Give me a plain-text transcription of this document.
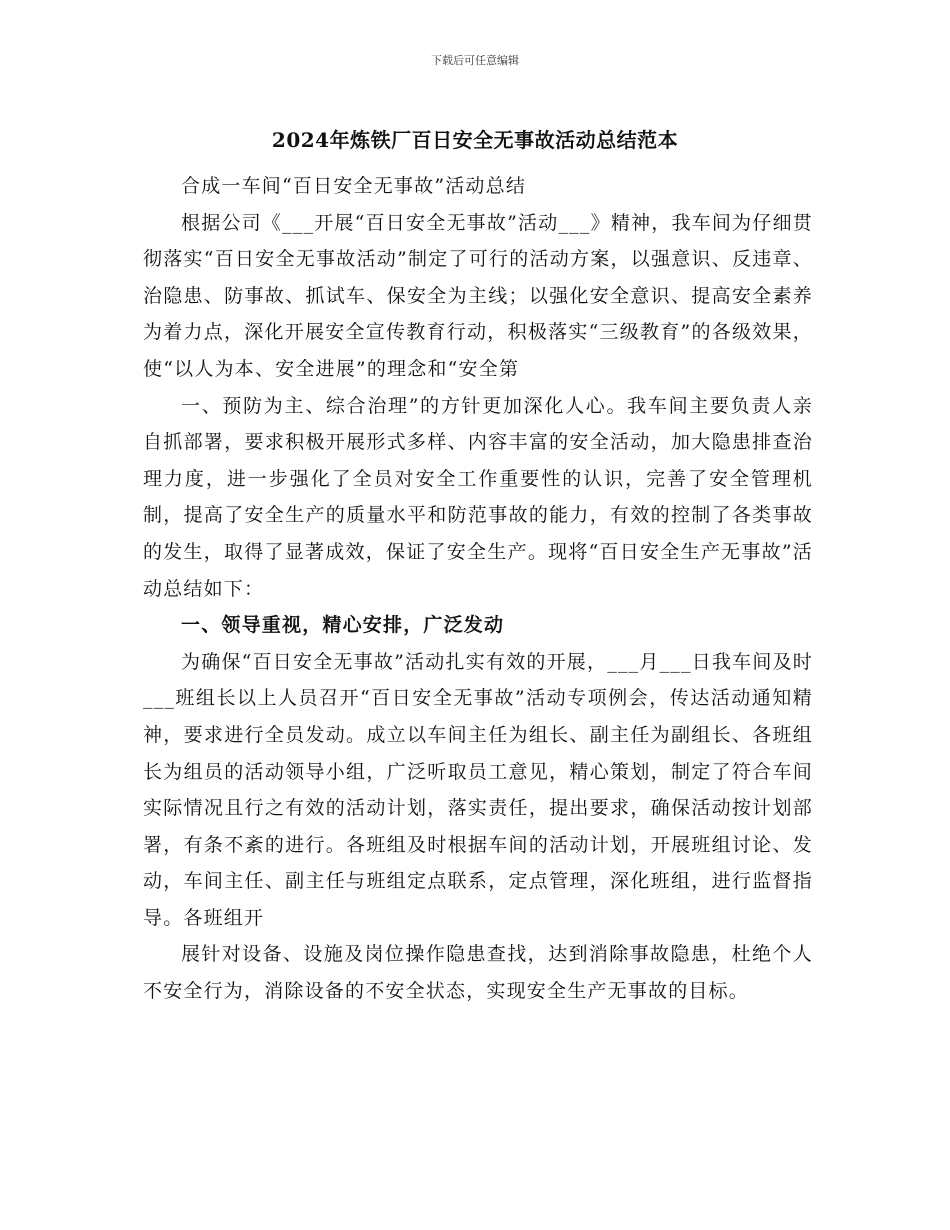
下载后可任意编辑
2024年炼铁厂百日安全无事故活动总结范本

合成一车间“百日安全无事故”活动总结

根据公司《___开展“百日安全无事故”活动___》精神，我车间为仔细贯彻落实“百日安全无事故活动”制定了可行的活动方案，以强意识、反违章、治隐患、防事故、抓试车、保安全为主线；以强化安全意识、提高安全素养为着力点，深化开展安全宣传教育行动，积极落实“三级教育”的各级效果，使“以人为本、安全进展”的理念和“安全第

一、预防为主、综合治理”的方针更加深化人心。我车间主要负责人亲自抓部署，要求积极开展形式多样、内容丰富的安全活动，加大隐患排查治理力度，进一步强化了全员对安全工作重要性的认识，完善了安全管理机制，提高了安全生产的质量水平和防范事故的能力，有效的控制了各类事故的发生，取得了显著成效，保证了安全生产。现将“百日安全生产无事故”活动总结如下：

一、领导重视，精心安排，广泛发动

为确保“百日安全无事故”活动扎实有效的开展，___月___日我车间及时___班组长以上人员召开“百日安全无事故”活动专项例会，传达活动通知精神，要求进行全员发动。成立以车间主任为组长、副主任为副组长、各班组长为组员的活动领导小组，广泛听取员工意见，精心策划，制定了符合车间实际情况且行之有效的活动计划，落实责任，提出要求，确保活动按计划部署，有条不紊的进行。各班组及时根据车间的活动计划，开展班组讨论、发动，车间主任、副主任与班组定点联系，定点管理，深化班组，进行监督指导。各班组开

展针对设备、设施及岗位操作隐患查找，达到消除事故隐患，杜绝个人不安全行为，消除设备的不安全状态，实现安全生产无事故的目标。
